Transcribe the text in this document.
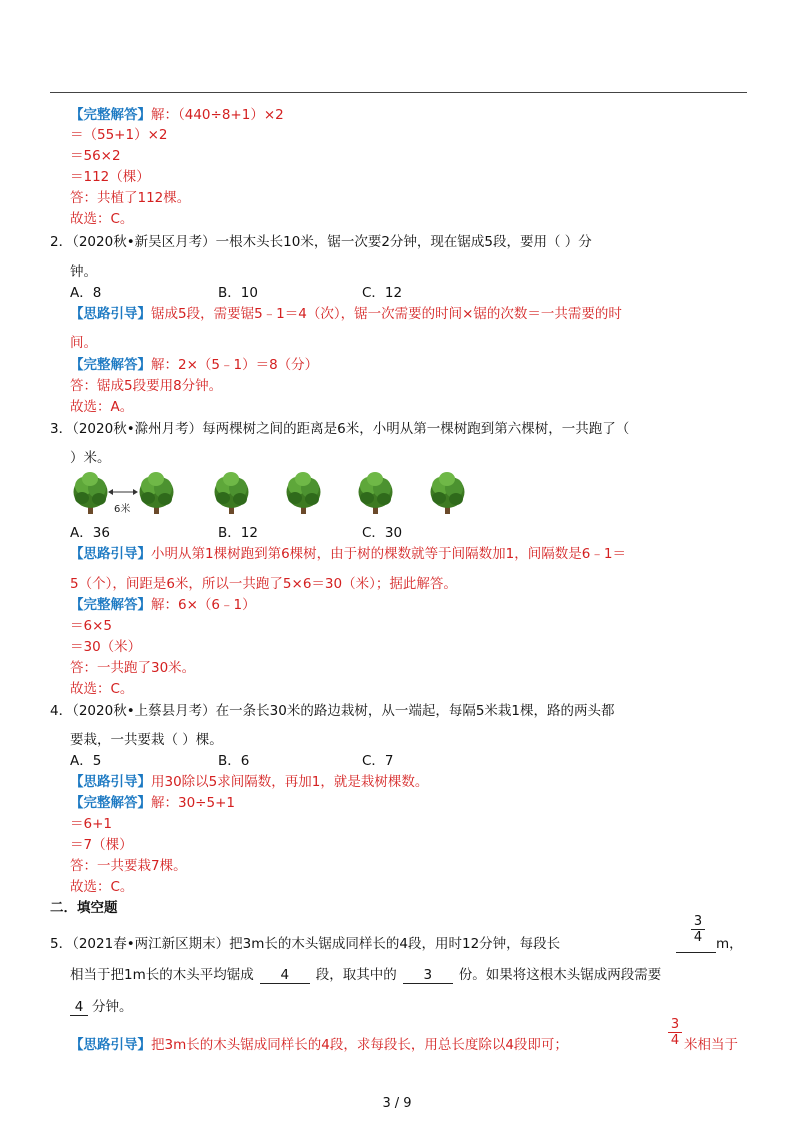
【完整解答】解：（440÷8+1）×2
＝（55+1）×2
＝56×2
＝112（棵）
答：共植了112棵。
故选：C。
2．（2020秋•新吴区月考）一根木头长10米，锯一次要2分钟，现在锯成5段，要用（ ）分
钟。
A．8	B．10	C．12
【思路引导】锯成5段，需要锯5﹣1＝4（次），锯一次需要的时间×锯的次数＝一共需要的时
间。
【完整解答】解：2×（5﹣1）＝8（分）
答：锯成5段要用8分钟。
故选：A。
3．（2020秋•滁州月考）每两棵树之间的距离是6米，小明从第一棵树跑到第六棵树，一共跑了（
）米。
6米
A．36	B．12	C．30
【思路引导】小明从第1棵树跑到第6棵树，由于树的棵数就等于间隔数加1，间隔数是6﹣1＝
5（个），间距是6米，所以一共跑了5×6＝30（米）；据此解答。
【完整解答】解：6×（6﹣1）
＝6×5
＝30（米）
答：一共跑了30米。
故选：C。
4．（2020秋•上蔡县月考）在一条长30米的路边栽树，从一端起，每隔5米栽1棵，路的两头都
要栽，一共要栽（ ）棵。
A．5	B．6	C．7
【思路引导】用30除以5求间隔数，再加1，就是栽树棵数。
【完整解答】解：30÷5+1
＝6+1
＝7（棵）
答：一共要栽7棵。
故选：C。
二．填空题
5．（2021春•两江新区期末）把3m长的木头锯成同样长的4段，用时12分钟，每段长	m，
$\frac{3}{4}$
相当于把1m长的木头平均锯成 4 段，取其中的 3 份。如果将这根木头锯成两段需要
4 分钟。
【思路引导】把3m长的木头锯成同样长的4段，求每段长，用总长度除以4段即可；	$\frac{3}{4}$ 米相当于
3 / 9
